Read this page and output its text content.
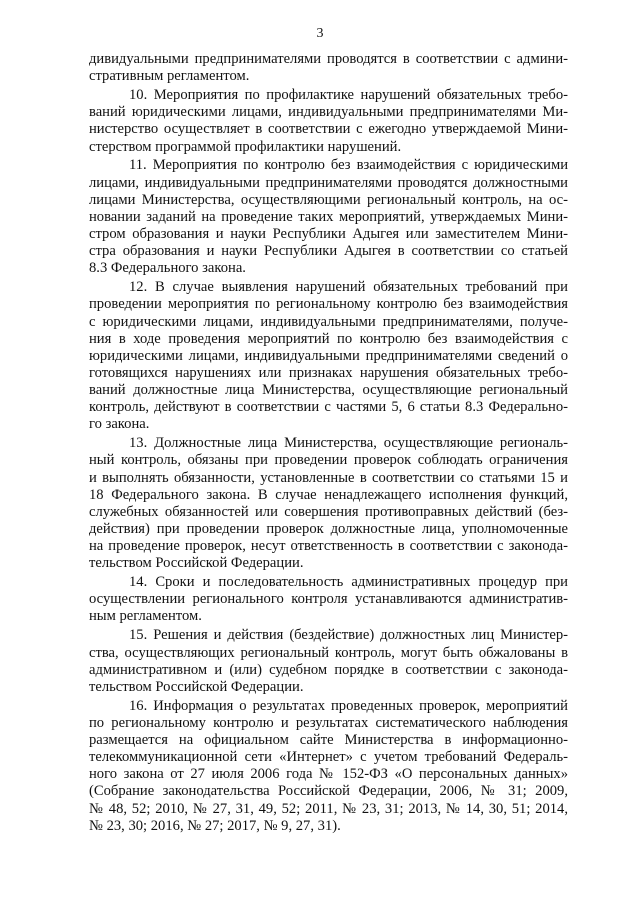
3
дивидуальными предпринимателями проводятся в соответствии с админи-
стративным регламентом.
10. Мероприятия по профилактике нарушений обязательных требо-
ваний юридическими лицами, индивидуальными предпринимателями Ми-
нистерство осуществляет в соответствии с ежегодно утверждаемой Мини-
стерством программой профилактики нарушений.
11. Мероприятия по контролю без взаимодействия с юридическими
лицами, индивидуальными предпринимателями проводятся должностными
лицами Министерства, осуществляющими региональный контроль, на ос-
новании заданий на проведение таких мероприятий, утверждаемых Мини-
стром образования и науки Республики Адыгея или заместителем Мини-
стра образования и науки Республики Адыгея в соответствии со статьей
8.3 Федерального закона.
12. В случае выявления нарушений обязательных требований при
проведении мероприятия по региональному контролю без взаимодействия
с юридическими лицами, индивидуальными предпринимателями, получе-
ния в ходе проведения мероприятий по контролю без взаимодействия с
юридическими лицами, индивидуальными предпринимателями сведений о
готовящихся нарушениях или признаках нарушения обязательных требо-
ваний должностные лица Министерства, осуществляющие региональный
контроль, действуют в соответствии с частями 5, 6 статьи 8.3 Федерально-
го закона.
13. Должностные лица Министерства, осуществляющие региональ-
ный контроль, обязаны при проведении проверок соблюдать ограничения
и выполнять обязанности, установленные в соответствии со статьями 15 и
18 Федерального закона. В случае ненадлежащего исполнения функций,
служебных обязанностей или совершения противоправных действий (без-
действия) при проведении проверок должностные лица, уполномоченные
на проведение проверок, несут ответственность в соответствии с законода-
тельством Российской Федерации.
14. Сроки и последовательность административных процедур при
осуществлении регионального контроля устанавливаются административ-
ным регламентом.
15. Решения и действия (бездействие) должностных лиц Министер-
ства, осуществляющих региональный контроль, могут быть обжалованы в
административном и (или) судебном порядке в соответствии с законода-
тельством Российской Федерации.
16. Информация о результатах проведенных проверок, мероприятий
по региональному контролю и результатах систематического наблюдения
размещается на официальном сайте Министерства в информационно-
телекоммуникационной сети «Интернет» с учетом требований Федераль-
ного закона от 27 июля 2006 года № 152-ФЗ «О персональных данных»
(Собрание законодательства Российской Федерации, 2006, № 31; 2009,
№ 48, 52; 2010, № 27, 31, 49, 52; 2011, № 23, 31; 2013, № 14, 30, 51; 2014,
№ 23, 30; 2016, № 27; 2017, № 9, 27, 31).
